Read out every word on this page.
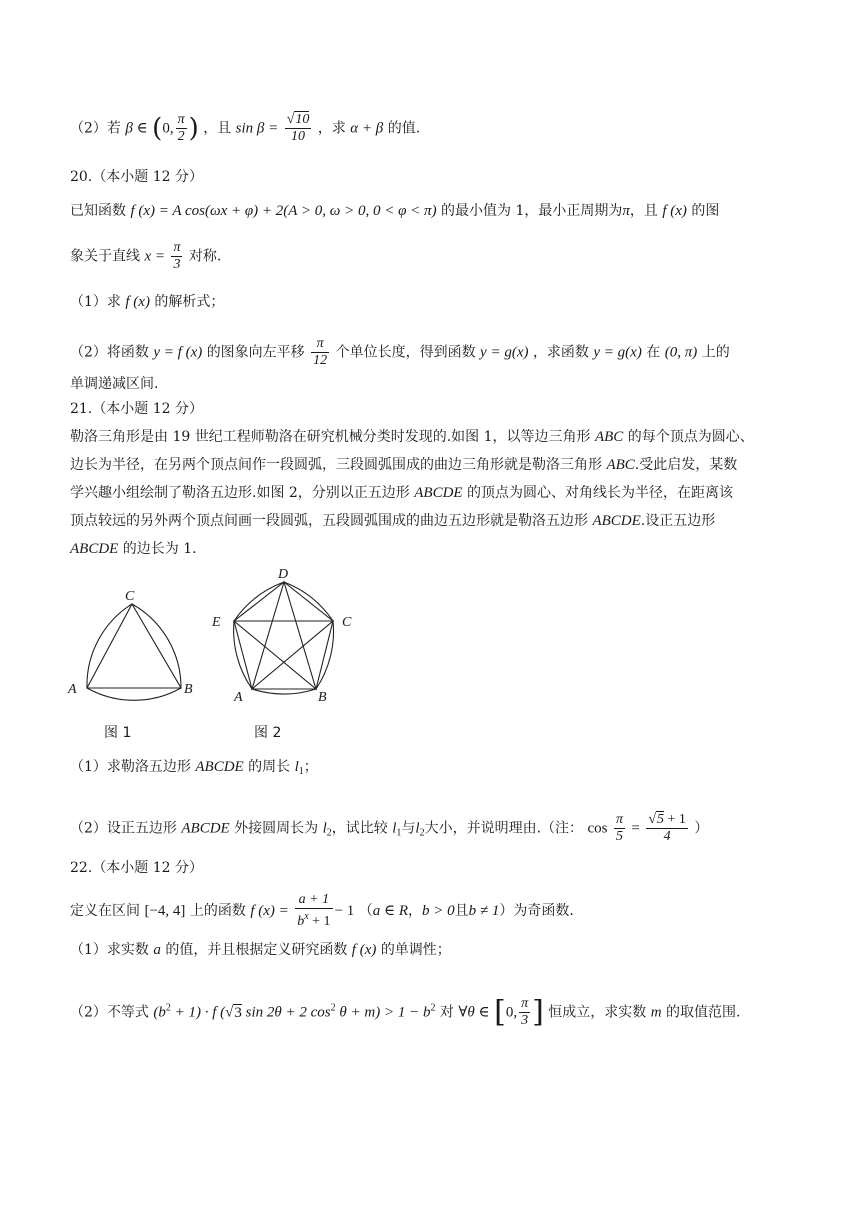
（2）若 β ∈ (0, $\frac{\pi}{2}$ ) ，且 $\sin \beta = \frac{√10}{10}$ ，求 α + β 的值.
20.（本小题 12 分）
已知函数 f (x) = A cos(ωx + φ) + 2(A > 0, ω > 0, 0 < φ < π) 的最小值为 1，最小正周期为π，且 f (x) 的图
象关于直线 $x = \frac{\pi}{3}$ 对称.
（1）求 f (x) 的解析式；
（2）将函数 y = f (x) 的图象向左平移 $\frac{\pi}{12}$ 个单位长度，得到函数 y = g(x) ，求函数 y = g(x) 在 (0, π) 上的
单调递减区间.
21.（本小题 12 分）
勒洛三角形是由 19 世纪工程师勒洛在研究机械分类时发现的.如图 1，以等边三角形 ABC 的每个顶点为圆心、
边长为半径，在另两个顶点间作一段圆弧，三段圆弧围成的曲边三角形就是勒洛三角形 ABC.受此启发，某数
学兴趣小组绘制了勒洛五边形.如图 2，分别以正五边形 ABCDE 的顶点为圆心、对角线长为半径，在距离该
顶点较远的另外两个顶点间画一段圆弧，五段圆弧围成的曲边五边形就是勒洛五边形 ABCDE.设正五边形
ABCDE 的边长为 1.
C
A	B
D
E	C
A	B
图 1	图 2
（1）求勒洛五边形 ABCDE 的周长 $l_1$；
（2）设正五边形 ABCDE 外接圆周长为 $l_2$，试比较 $l_1$与$l_2$大小，并说明理由.（注： $\cos \frac{\pi}{5} = \frac{√5 + 1}{4}$ ）
22.（本小题 12 分）
定义在区间 [−4, 4] 上的函数 f $(x) = \frac{a + 1}{b^x + 1} - 1$ （a ∈ R，b > 0且b ≠ 1）为奇函数.
（1）求实数 a 的值，并且根据定义研究函数 f (x) 的单调性；
（2）不等式 $(b^2 + 1) \cdot f$ (√3 sin 2θ + 2 $\cos^2 \theta + m) > 1 - b^2$ 对 ∀θ ∈ [0, $\frac{\pi}{3}$ ] 恒成立，求实数 m 的取值范围.
